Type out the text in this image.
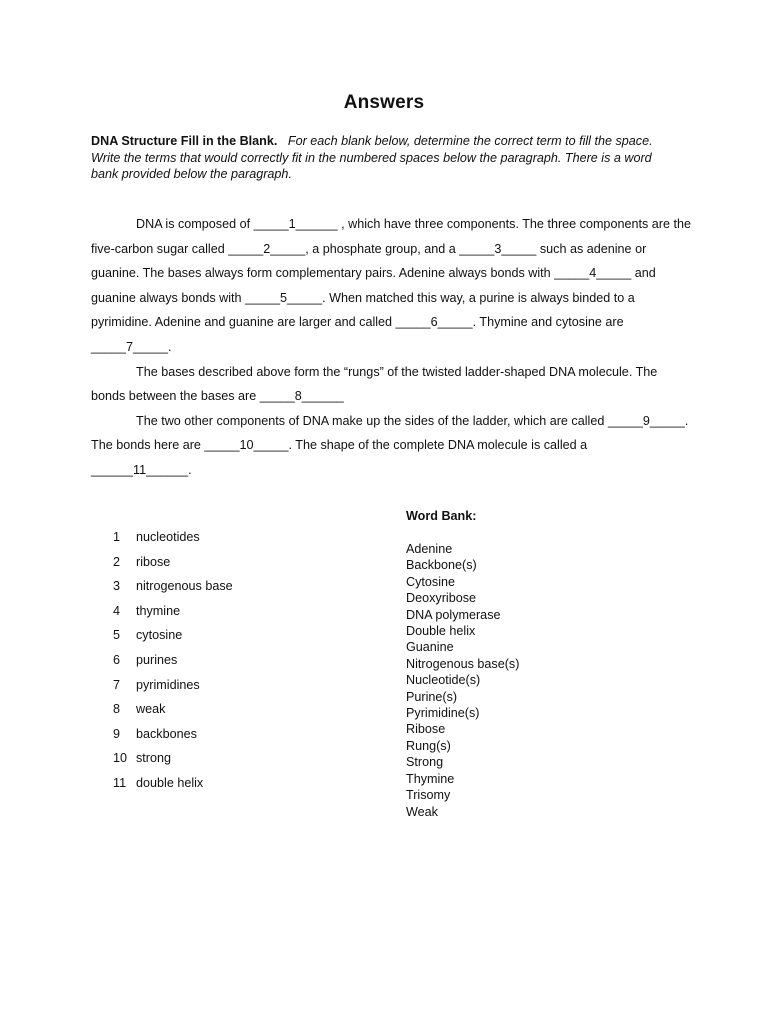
Answers
DNA Structure Fill in the Blank. For each blank below, determine the correct term to fill the space. Write the terms that would correctly fit in the numbered spaces below the paragraph. There is a word bank provided below the paragraph.

DNA is composed of _____1______ , which have three components. The three components are the five-carbon sugar called _____2_____, a phosphate group, and a _____3_____ such as adenine or guanine. The bases always form complementary pairs. Adenine always bonds with _____4_____ and guanine always bonds with _____5_____. When matched this way, a purine is always binded to a pyrimidine. Adenine and guanine are larger and called _____6_____. Thymine and cytosine are _____7_____.

The bases described above form the “rungs” of the twisted ladder-shaped DNA molecule. The bonds between the bases are _____8______

The two other components of DNA make up the sides of the ladder, which are called _____9_____. The bonds here are _____10_____. The shape of the complete DNA molecule is called a ______11______.

1	nucleotides
2	ribose
3	nitrogenous base
4	thymine
5	cytosine
6	purines
7	pyrimidines
8	weak
9	backbones
10 strong
11 double helix
Word Bank:
Adenine
Backbone(s)
Cytosine
Deoxyribose
DNA polymerase
Double helix
Guanine
Nitrogenous base(s)
Nucleotide(s)
Purine(s)
Pyrimidine(s)
Ribose
Rung(s)
Strong
Thymine
Trisomy
Weak
